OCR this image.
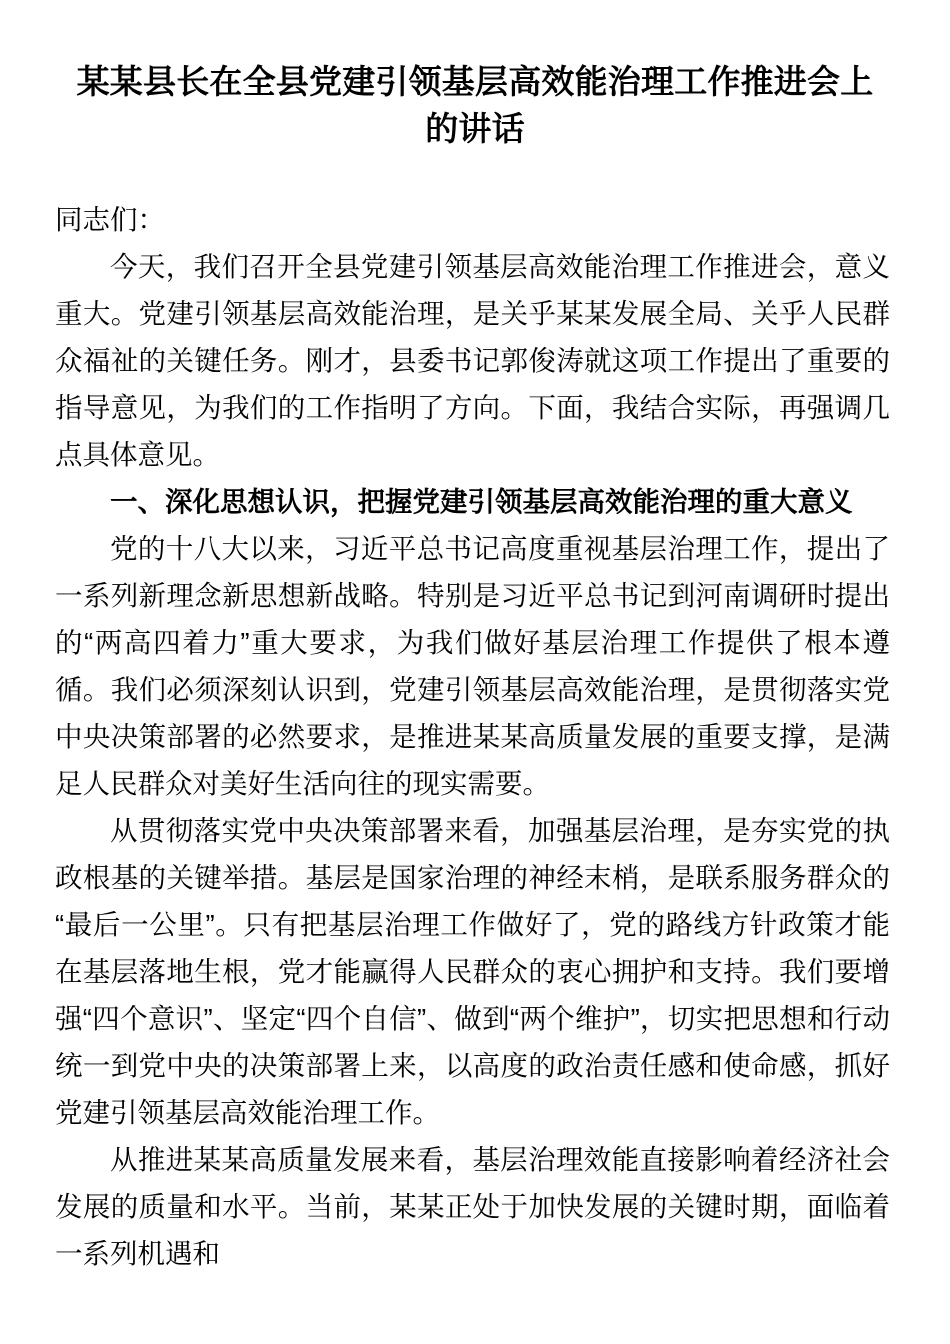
某某县长在全县党建引领基层高效能治理工作推进会上的讲话

同志们：

今天，我们召开全县党建引领基层高效能治理工作推进会，意义重大。党建引领基层高效能治理，是关乎某某发展全局、关乎人民群众福祉的关键任务。刚才，县委书记郭俊涛就这项工作提出了重要的指导意见，为我们的工作指明了方向。下面，我结合实际，再强调几点具体意见。

一、深化思想认识，把握党建引领基层高效能治理的重大意义

党的十八大以来，习近平总书记高度重视基层治理工作，提出了一系列新理念新思想新战略。特别是习近平总书记到河南调研时提出的“两高四着力”重大要求，为我们做好基层治理工作提供了根本遵循。我们必须深刻认识到，党建引领基层高效能治理，是贯彻落实党中央决策部署的必然要求，是推进某某高质量发展的重要支撑，是满足人民群众对美好生活向往的现实需要。

从贯彻落实党中央决策部署来看，加强基层治理，是夯实党的执政根基的关键举措。基层是国家治理的神经末梢，是联系服务群众的“最后一公里”。只有把基层治理工作做好了，党的路线方针政策才能在基层落地生根，党才能赢得人民群众的衷心拥护和支持。我们要增强“四个意识”、坚定“四个自信”、做到“两个维护”，切实把思想和行动统一到党中央的决策部署上来，以高度的政治责任感和使命感，抓好党建引领基层高效能治理工作。

从推进某某高质量发展来看，基层治理效能直接影响着经济社会发展的质量和水平。当前，某某正处于加快发展的关键时期，面临着一系列机遇和
